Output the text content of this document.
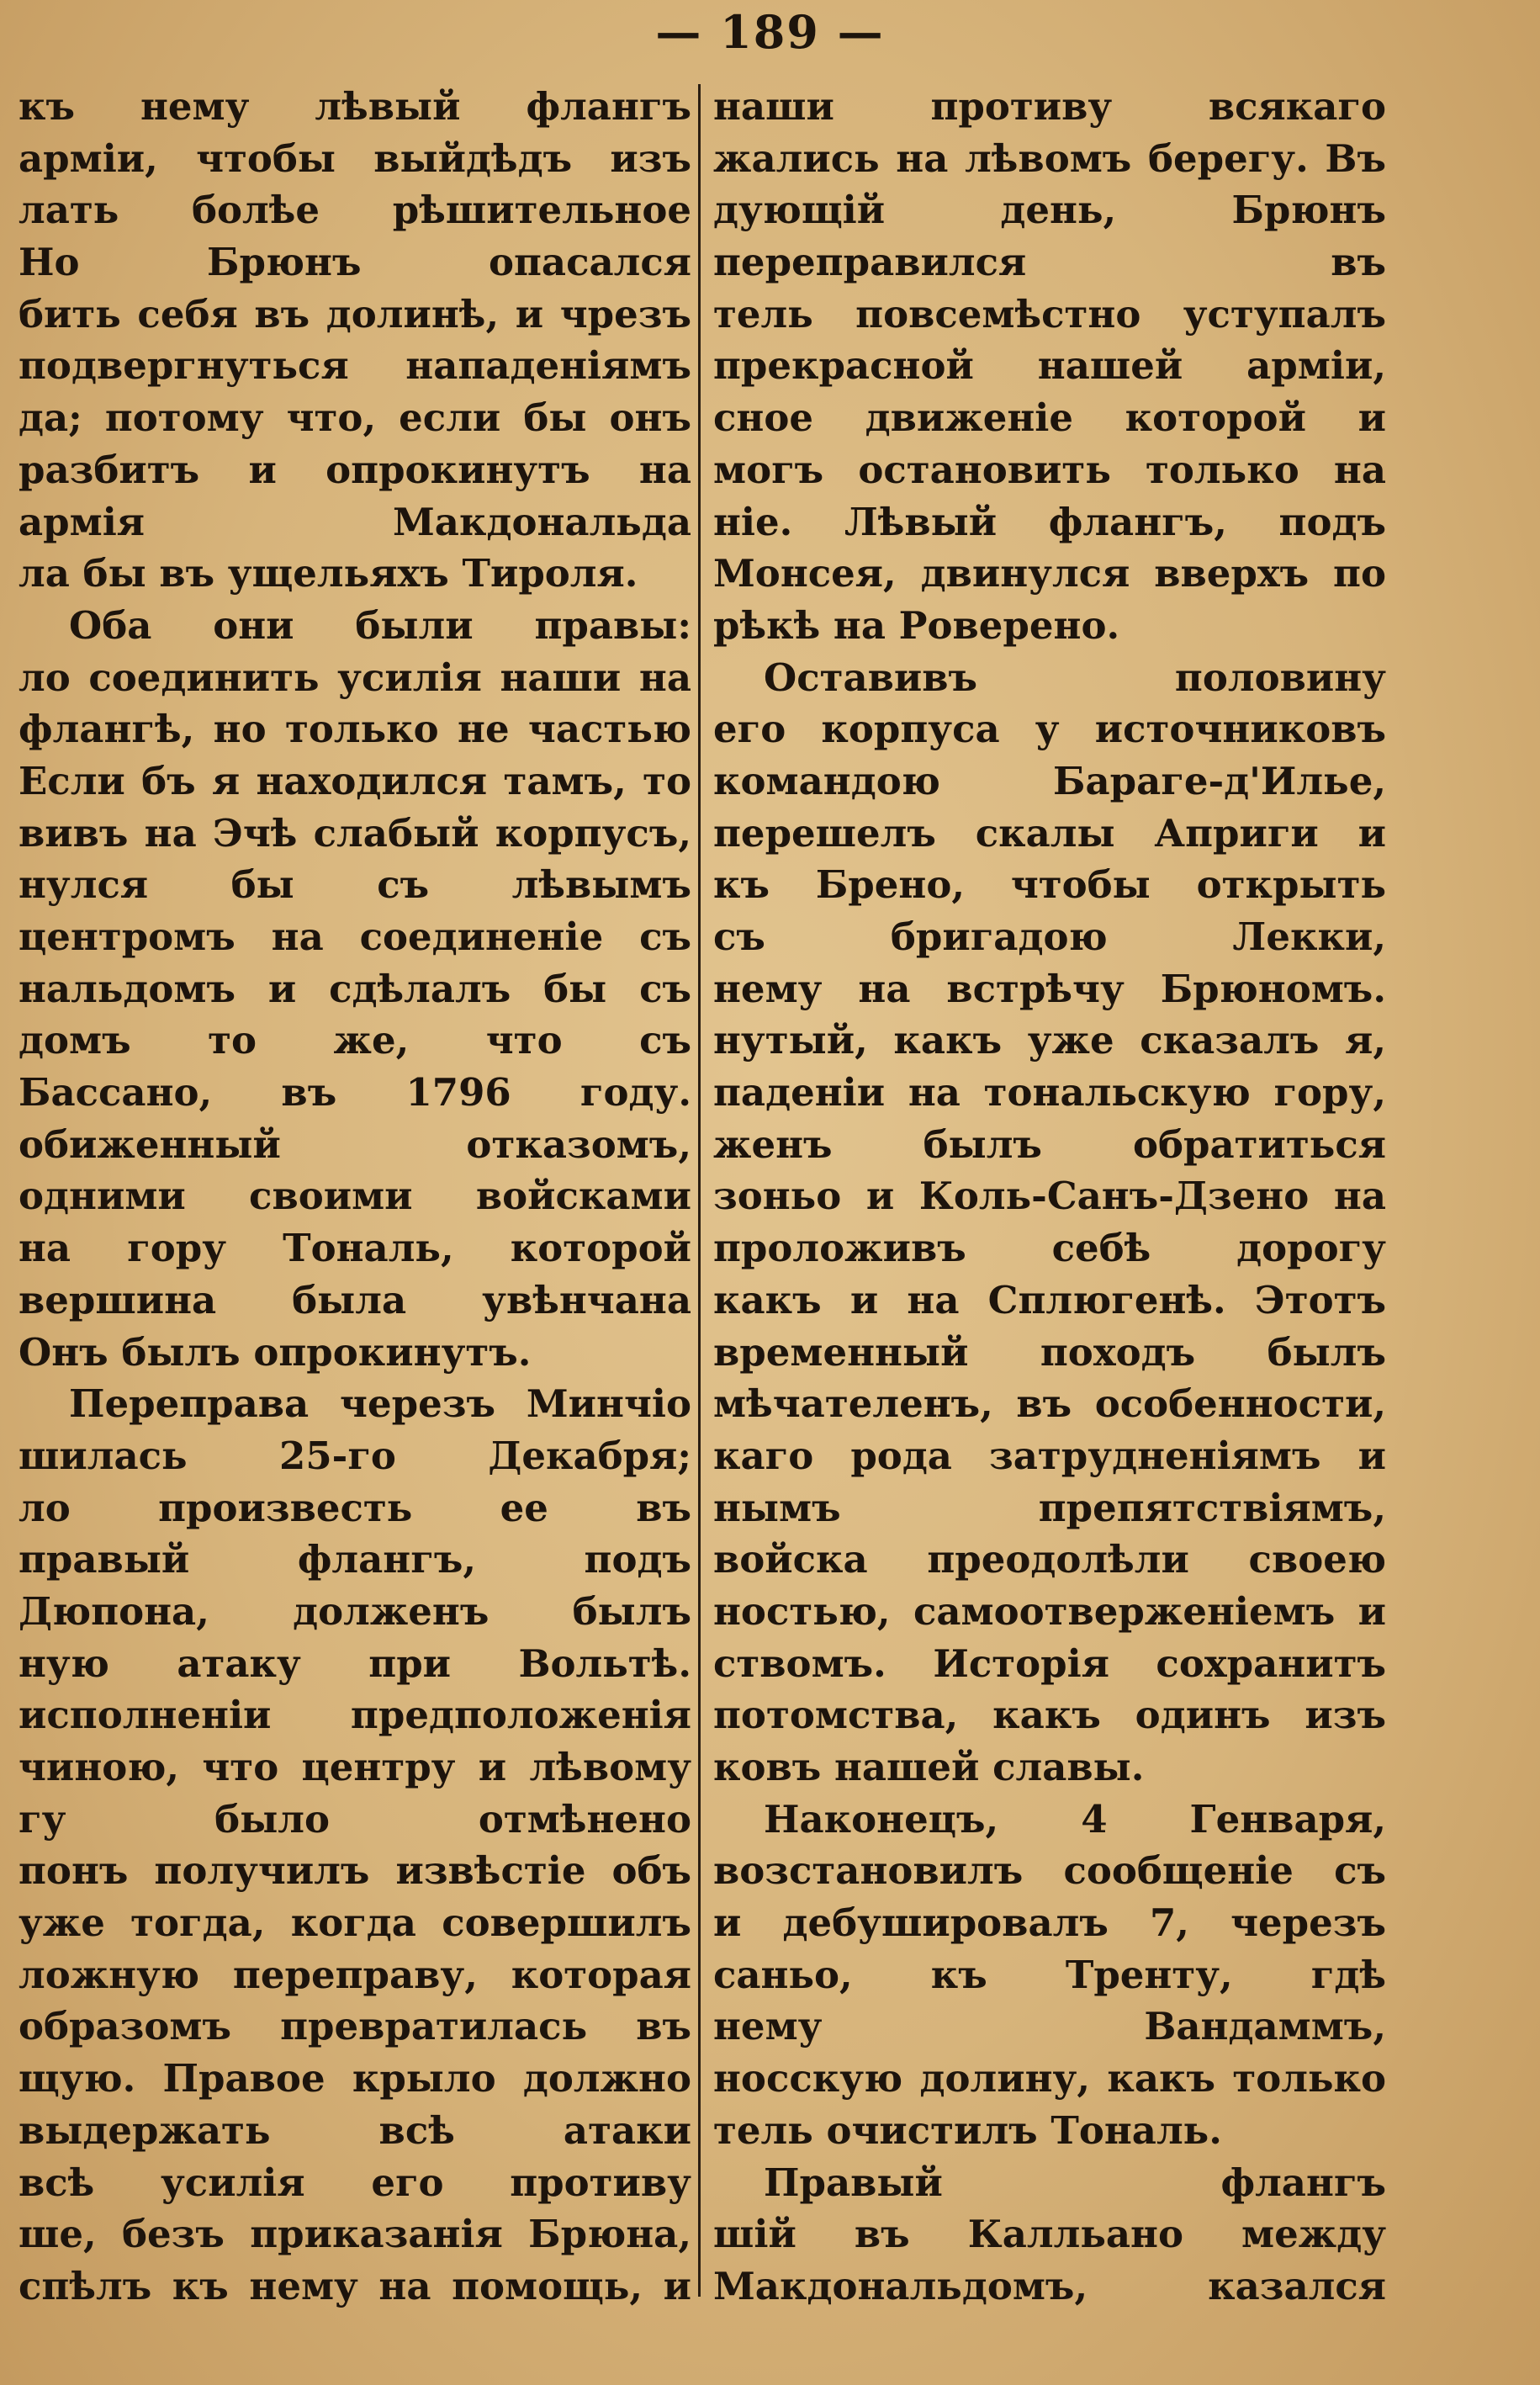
— 189 —

къ нему лѣвый флангъ
арміи, чтобы выйдѣдъ изъ
лать болѣе рѣшительное
Но Брюнъ опасался
бить себя въ долинѣ, и чрезъ
подвергнуться нападеніямъ
да; потому что, если бы онъ
разбитъ и опрокинутъ на
армія Макдональда
ла бы въ ущельяхъ Тироля.

Оба они были правы:
ло соединить усилія наши на
флангѣ, но только не частью
Если бъ я находился тамъ, то
вивъ на Эчѣ слабый корпусъ,
нулся бы съ лѣвымъ
центромъ на соединеніе съ
нальдомъ и сдѣлалъ бы съ
домъ то же, что съ
Бассано, въ 1796 году.
обиженный отказомъ,
одними своими войсками
на гору Тональ, которой
вершина была увѣнчана
Онъ былъ опрокинутъ.

Переправа черезъ Минчіо
шилась 25-го Декабря;
ло произвесть ее въ
правый флангъ, подъ
Дюпона, долженъ былъ
ную атаку при Вольтѣ.
исполненіи предположенія
чиною, что центру и лѣвому
гу было отмѣнено
понъ получилъ извѣстіе объ
уже тогда, когда совершилъ
ложную переправу, которая
образомъ превратилась въ
щую. Правое крыло должно
выдержать всѣ атаки
всѣ усилія его противу
ше, безъ приказанія Брюна,
спѣлъ къ нему на помощь, и

наши противу всякаго
жались на лѣвомъ берегу. Въ
дующій день, Брюнъ
переправился въ
тель повсемѣстно уступалъ
прекрасной нашей арміи,
сное движеніе которой и
могъ остановить только на
ніе. Лѣвый флангъ, подъ
Монсея, двинулся вверхъ по
рѣкѣ на Роверено.

Оставивъ половину
его корпуса у источниковъ
командою Бараге-д'Илье,
перешелъ скалы Априги и
къ Брено, чтобы открыть
съ бригадою Лекки,
нему на встрѣчу Брюномъ.
нутый, какъ уже сказалъ я,
паденіи на тональскую гору,
женъ былъ обратиться
зоньо и Коль-Санъ-Дзено на
проложивъ себѣ дорогу
какъ и на Сплюгенѣ. Этотъ
временный походъ былъ
мѣчателенъ, въ особенности,
каго рода затрудненіямъ и
нымъ препятствіямъ,
войска преодолѣли своею
ностью, самоотверженіемъ и
ствомъ. Исторія сохранитъ
потомства, какъ одинъ изъ
ковъ нашей славы.

Наконецъ, 4 Генваря,
возстановилъ сообщеніе съ
и дебушировалъ 7, черезъ
саньо, къ Тренту, гдѣ
нему Вандаммъ,
носскую долину, какъ только
тель очистилъ Тональ.

Правый флангъ
шій въ Калльано между
Макдональдомъ, казался
